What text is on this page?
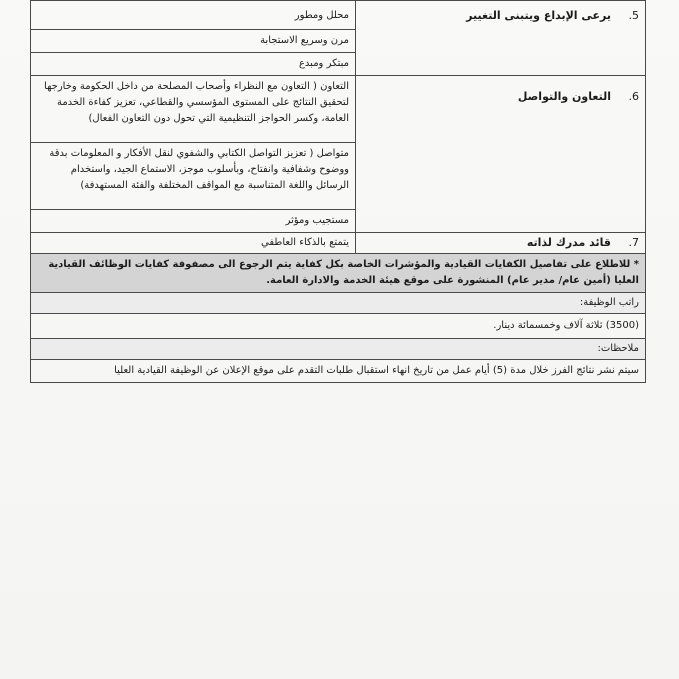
5.يرعى الإبداع ويتبنى التغيير	محلل ومطور
	مرن وسريع الاستجابة
	مبتكر ومبدع
6.التعاون والتواصل	التعاون ( التعاون مع النظراء وأصحاب المصلحة من داخل الحكومة وخارجها لتحقيق النتائج على المستوى المؤسسي والقطاعي، تعزيز كفاءة الخدمة العامة، وكسر الحواجز التنظيمية التي تحول دون التعاون الفعال)
	متواصل ( تعزيز التواصل الكتابي والشفوي لنقل الأفكار و المعلومات بدقة ووضوح وشفافية وانفتاح، وبأسلوب موجز، الاستماع الجيد، واستخدام الرسائل واللغة المتناسبة مع المواقف المختلفة والفئة المستهدفة)
	مستجيب ومؤثر
7.قائد مدرك لذاته	يتمتع بالذكاء العاطفي
* للاطلاع على تفاصيل الكفايات القيادية والمؤشرات الخاصة بكل كفاية يتم الرجوع الى مصفوفة كفايات الوظائف القيادية العليا (أمين عام/ مدير عام) المنشورة على موقع هيئة الخدمة والادارة العامة.	
راتب الوظيفة:	
(3500) ثلاثة آلاف وخمسمائة دينار.	
ملاحظات:	
سيتم نشر نتائج الفرز خلال مدة (5) أيام عمل من تاريخ انهاء استقبال طلبات التقدم على موقع الإعلان عن الوظيفة القيادية العليا	
